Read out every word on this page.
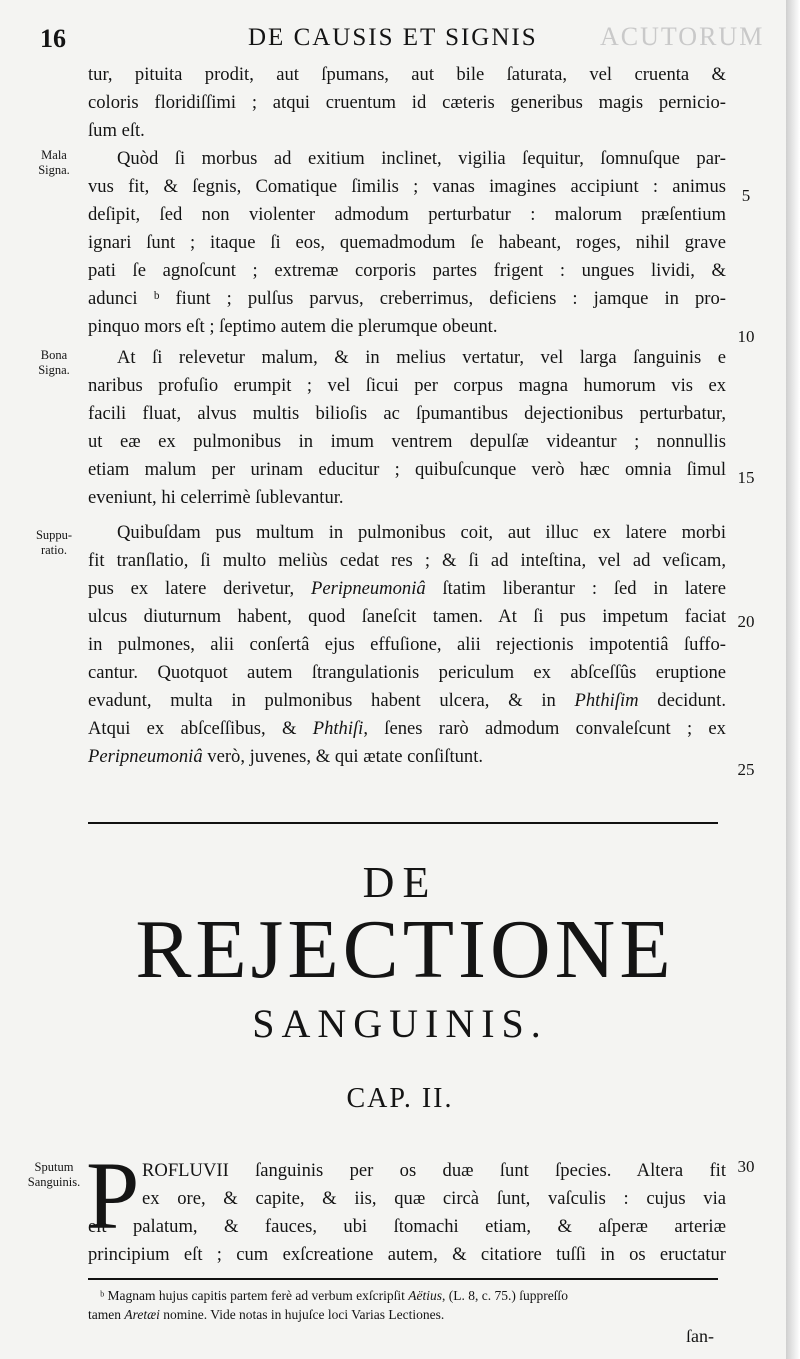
ACUTORUM
16	DE CAUSIS ET SIGNIS
Mala
Signa.
Bona
Signa.
Suppu-
ratio.
Sputum
Sanguinis.
5
10
15
20
25
30
tur, pituita prodit, aut ſpumans, aut bile ſaturata, vel cruenta &
coloris floridiſſimi ; atqui cruentum id cæteris generibus magis pernicio-
ſum eſt.
Quòd ſi morbus ad exitium inclinet, vigilia ſequitur, ſomnuſque par-
vus fit, & ſegnis, Comatique ſimilis ; vanas imagines accipiunt : animus
deſipit, ſed non violenter admodum perturbatur : malorum præſentium
ignari ſunt ; itaque ſi eos, quemadmodum ſe habeant, roges, nihil grave
pati ſe agnoſcunt ; extremæ corporis partes frigent : ungues lividi, &
adunci ᵇ fiunt ; pulſus parvus, creberrimus, deficiens : jamque in pro-
pinquo mors eſt ; ſeptimo autem die plerumque obeunt.
At ſi relevetur malum, & in melius vertatur, vel larga ſanguinis e
naribus profuſio erumpit ; vel ſicui per corpus magna humorum vis ex
facili fluat, alvus multis bilioſis ac ſpumantibus dejectionibus perturbatur,
ut eæ ex pulmonibus in imum ventrem depulſæ videantur ; nonnullis
etiam malum per urinam educitur ; quibuſcunque verò hæc omnia ſimul
eveniunt, hi celerrimè ſublevantur.
Quibuſdam pus multum in pulmonibus coit, aut illuc ex latere morbi
fit tranſlatio, ſi multo meliùs cedat res ; & ſi ad inteſtina, vel ad veſicam,
pus ex latere derivetur, Peripneumoniâ ſtatim liberantur : ſed in latere
ulcus diuturnum habent, quod ſaneſcit tamen. At ſi pus impetum faciat
in pulmones, alii conſertâ ejus effuſione, alii rejectionis impotentiâ ſuffo-
cantur. Quotquot autem ſtrangulationis periculum ex abſceſſûs eruptione
evadunt, multa in pulmonibus habent ulcera, & in Phthiſim decidunt.
Atqui ex abſceſſibus, & Phthiſi, ſenes rarò admodum convaleſcunt ; ex
Peripneumoniâ verò, juvenes, & qui ætate conſiſtunt.
DE
REJECTIONE
SANGUINIS.
CAP. II.
P ROFLUVII ſanguinis per os duæ ſunt ſpecies. Altera fit
ex ore, & capite, & iis, quæ circà ſunt, vaſculis : cujus via
eſt palatum, & fauces, ubi ſtomachi etiam, & aſperæ arteriæ
principium eſt ; cum exſcreatione autem, & citatiore tuſſi in os eructatur
ᵇ Magnam hujus capitis partem ferè ad verbum exſcripſit Aëtius, (L. 8, c. 75.) ſuppreſſo
tamen Aretæi nomine. Vide notas in hujuſce loci Varias Lectiones.
ſan-
